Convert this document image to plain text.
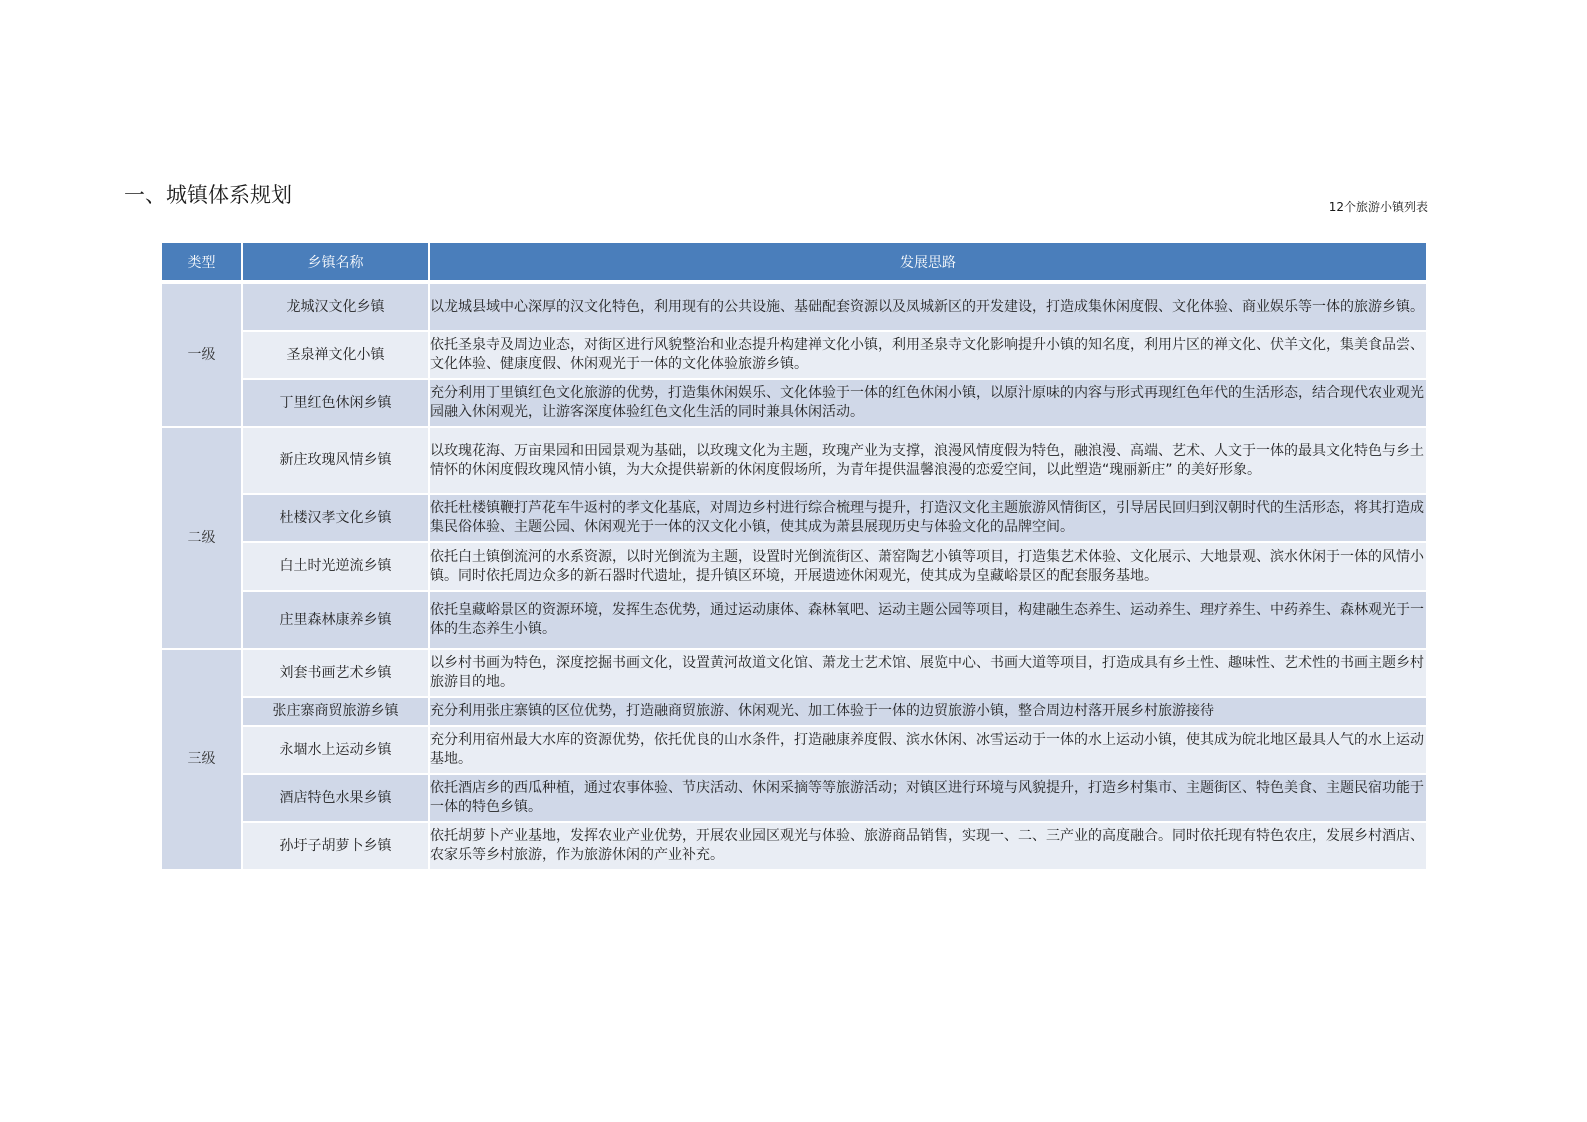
一、城镇体系规划	12个旅游小镇列表
类型	乡镇名称	发展思路
一级	龙城汉文化乡镇	以龙城县域中心深厚的汉文化特色，利用现有的公共设施、基础配套资源以及凤城新区的开发建设，打造成集休闲度假、文化体验、商业娱乐等一体的旅游乡镇。
	圣泉禅文化小镇	依托圣泉寺及周边业态，对街区进行风貌整治和业态提升构建禅文化小镇，利用圣泉寺文化影响提升小镇的知名度，利用片区的禅文化、伏羊文化，集美食品尝、文化体验、健康度假、休闲观光于一体的文化体验旅游乡镇。
	丁里红色休闲乡镇	充分利用丁里镇红色文化旅游的优势，打造集休闲娱乐、文化体验于一体的红色休闲小镇，以原汁原味的内容与形式再现红色年代的生活形态，结合现代农业观光园融入休闲观光，让游客深度体验红色文化生活的同时兼具休闲活动。
二级	新庄玫瑰风情乡镇	以玫瑰花海、万亩果园和田园景观为基础，以玫瑰文化为主题，玫瑰产业为支撑，浪漫风情度假为特色，融浪漫、高端、艺术、人文于一体的最具文化特色与乡土情怀的休闲度假玫瑰风情小镇，为大众提供崭新的休闲度假场所，为青年提供温馨浪漫的恋爱空间，以此塑造“瑰丽新庄” 的美好形象。
	杜楼汉孝文化乡镇	依托杜楼镇鞭打芦花车牛返村的孝文化基底，对周边乡村进行综合梳理与提升，打造汉文化主题旅游风情街区，引导居民回归到汉朝时代的生活形态，将其打造成集民俗体验、主题公园、休闲观光于一体的汉文化小镇，使其成为萧县展现历史与体验文化的品牌空间。
	白土时光逆流乡镇	依托白土镇倒流河的水系资源，以时光倒流为主题，设置时光倒流街区、萧窑陶艺小镇等项目，打造集艺术体验、文化展示、大地景观、滨水休闲于一体的风情小镇。同时依托周边众多的新石器时代遗址，提升镇区环境，开展遗迹休闲观光，使其成为皇藏峪景区的配套服务基地。
	庄里森林康养乡镇	依托皇藏峪景区的资源环境，发挥生态优势，通过运动康体、森林氧吧、运动主题公园等项目，构建融生态养生、运动养生、理疗养生、中药养生、森林观光于一体的生态养生小镇。
三级	刘套书画艺术乡镇	以乡村书画为特色，深度挖掘书画文化，设置黄河故道文化馆、萧龙士艺术馆、展览中心、书画大道等项目，打造成具有乡土性、趣味性、艺术性的书画主题乡村旅游目的地。
	张庄寨商贸旅游乡镇	充分利用张庄寨镇的区位优势，打造融商贸旅游、休闲观光、加工体验于一体的边贸旅游小镇，整合周边村落开展乡村旅游接待
	永堌水上运动乡镇	充分利用宿州最大水库的资源优势，依托优良的山水条件，打造融康养度假、滨水休闲、冰雪运动于一体的水上运动小镇，使其成为皖北地区最具人气的水上运动基地。
	酒店特色水果乡镇	依托酒店乡的西瓜种植，通过农事体验、节庆活动、休闲采摘等等旅游活动；对镇区进行环境与风貌提升，打造乡村集市、主题街区、特色美食、主题民宿功能于一体的特色乡镇。
	孙圩子胡萝卜乡镇	依托胡萝卜产业基地，发挥农业产业优势，开展农业园区观光与体验、旅游商品销售，实现一、二、三产业的高度融合。同时依托现有特色农庄，发展乡村酒店、农家乐等乡村旅游，作为旅游休闲的产业补充。
